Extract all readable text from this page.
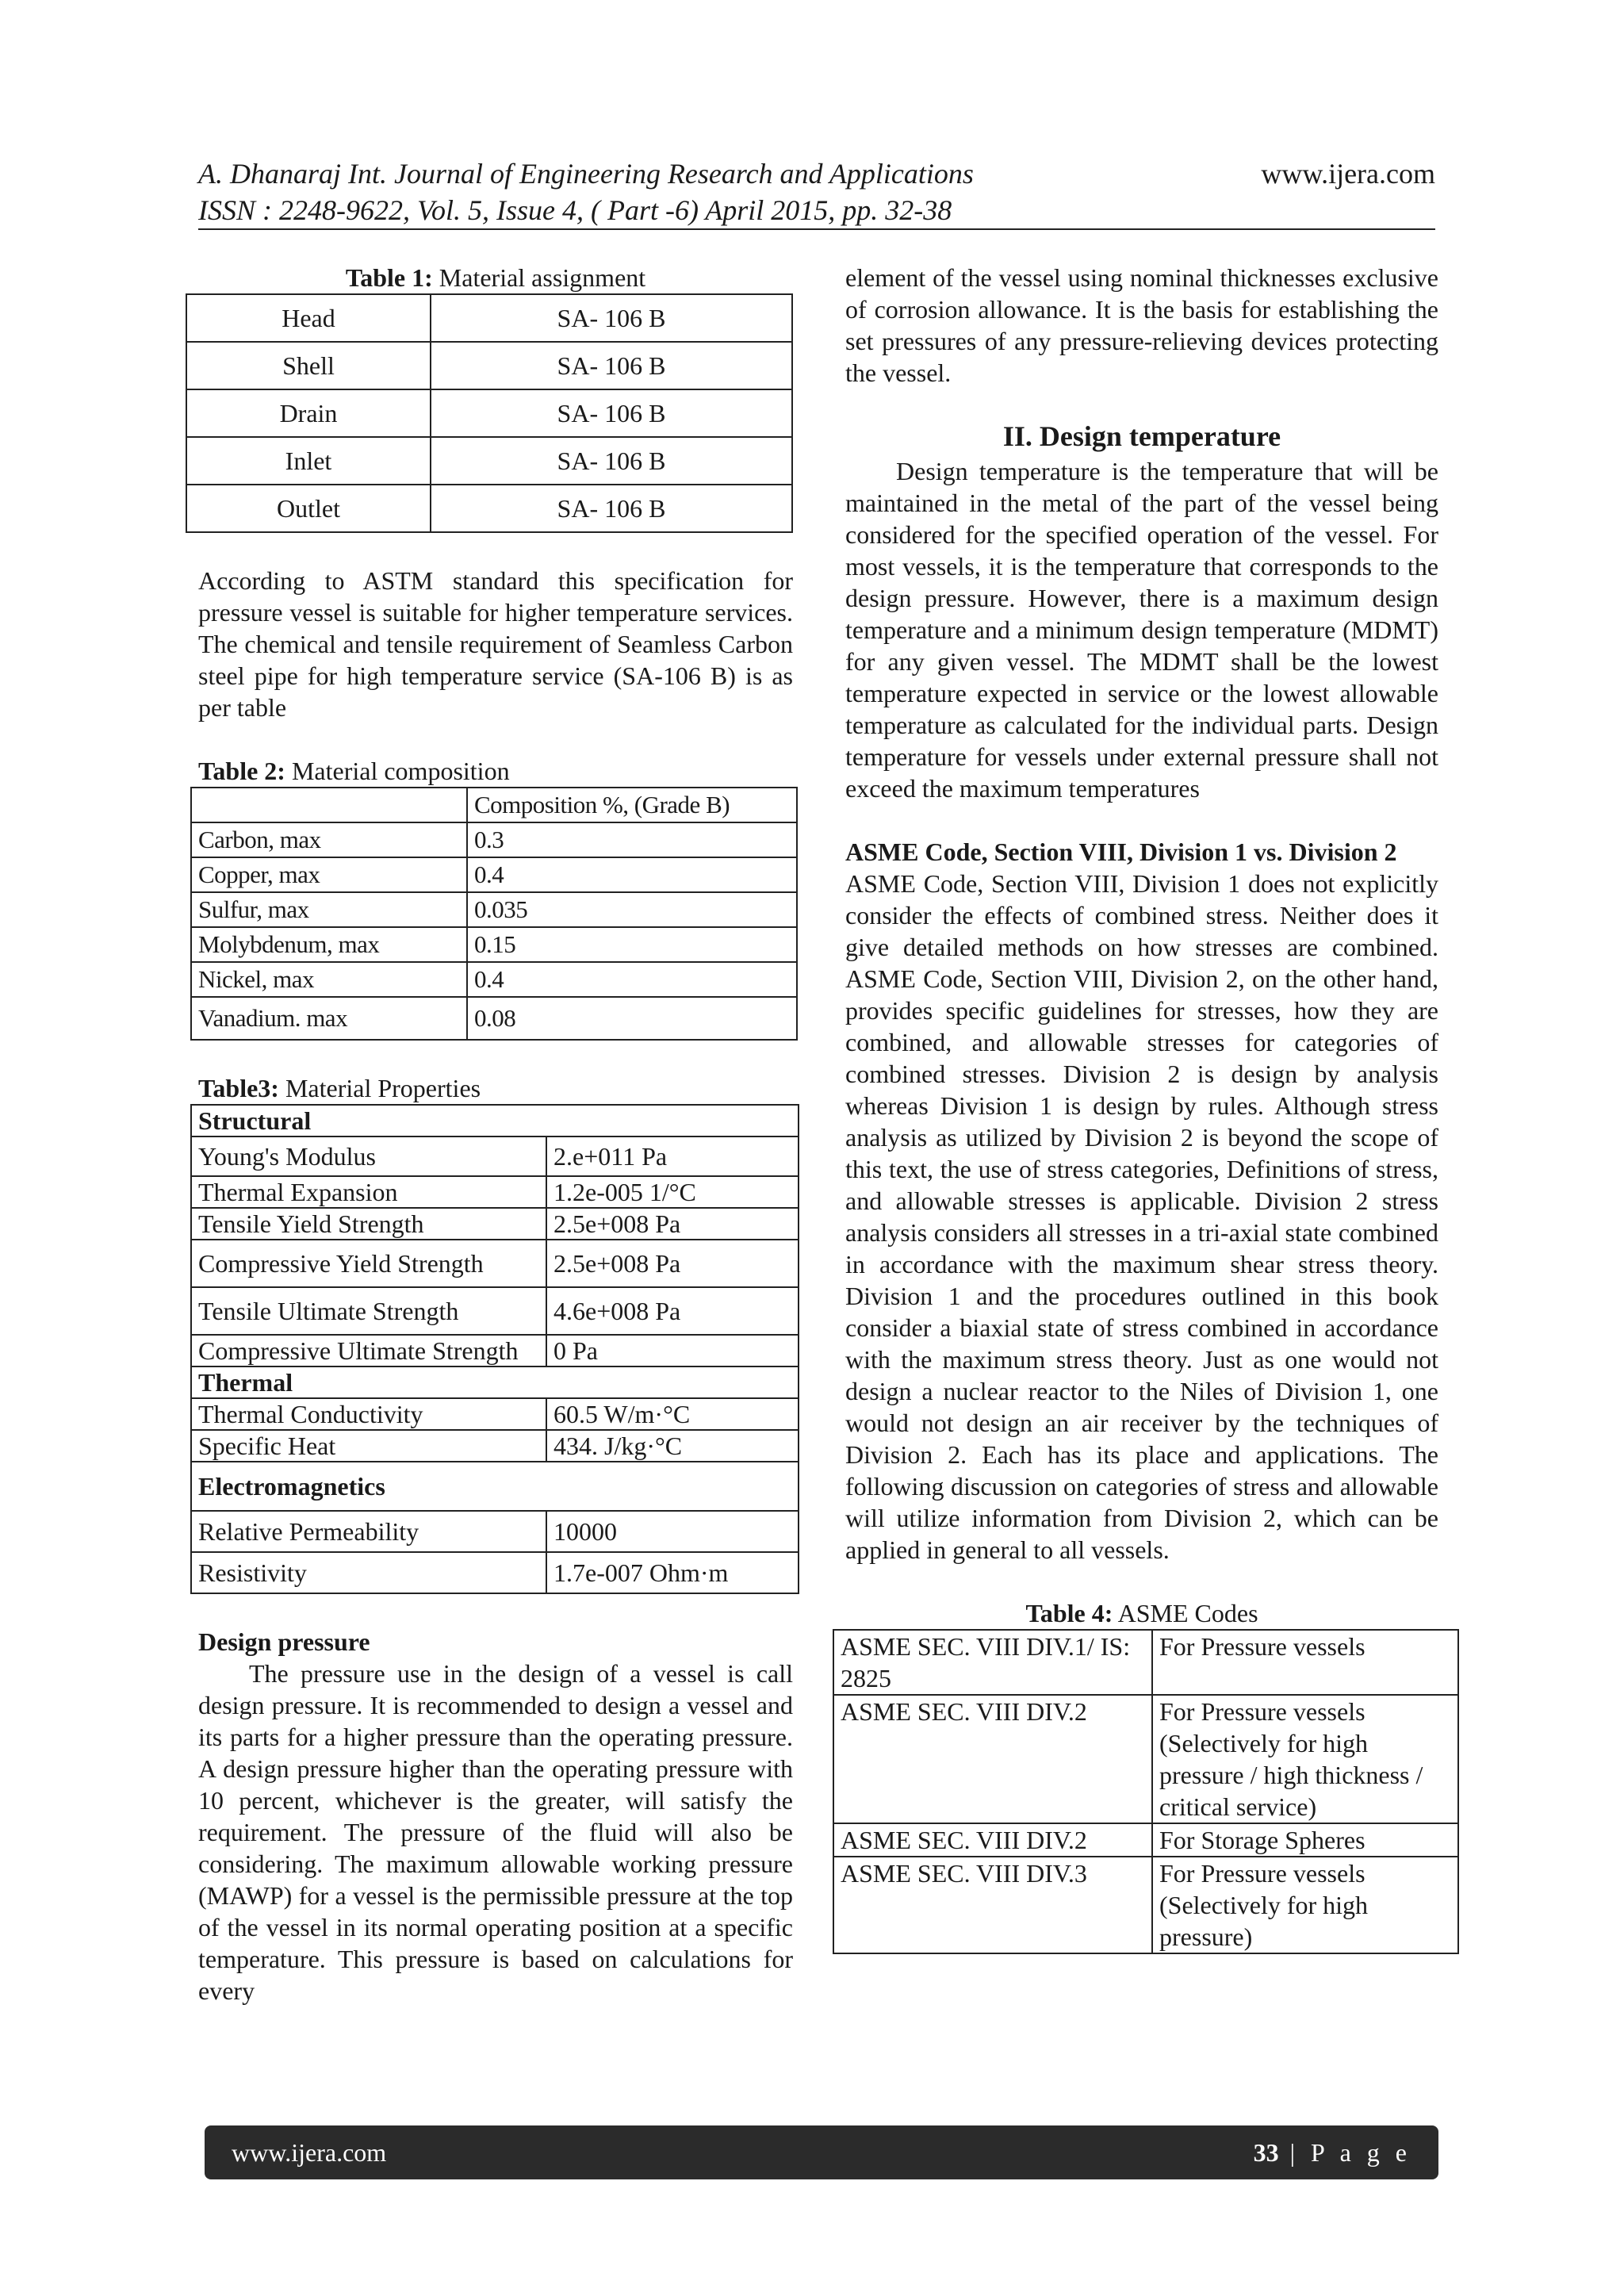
A. Dhanaraj Int. Journal of Engineering Research and Applications	www.ijera.com
ISSN : 2248-9622, Vol. 5, Issue 4, ( Part -6) April 2015, pp. 32-38
Table 1: Material assignment
Head	SA- 106 B
Shell	SA- 106 B
Drain	SA- 106 B
Inlet	SA- 106 B
Outlet	SA- 106 B

According to ASTM standard this specification for pressure vessel is suitable for higher temperature services. The chemical and tensile requirement of Seamless Carbon steel pipe for high temperature service (SA-106 B) is as per table

Table 2: Material composition
	Composition %, (Grade B)
Carbon, max	0.3
Copper, max	0.4
Sulfur, max	0.035
Molybdenum, max	0.15
Nickel, max	0.4
Vanadium. max	0.08
Table3: Material Properties
Structural	
Young's Modulus	2.e+011 Pa
Thermal Expansion	1.2e-005 1/°C
Tensile Yield Strength	2.5e+008 Pa
Compressive Yield Strength	2.5e+008 Pa
Tensile Ultimate Strength	4.6e+008 Pa
Compressive Ultimate Strength	0 Pa
Thermal	
Thermal Conductivity	60.5 W/m·°C
Specific Heat	434. J/kg·°C
Electromagnetics	
Relative Permeability	10000
Resistivity	1.7e-007 Ohm·m

Design pressure

The pressure use in the design of a vessel is call design pressure. It is recommended to design a vessel and its parts for a higher pressure than the operating pressure. A design pressure higher than the operating pressure with 10 percent, whichever is the greater, will satisfy the requirement. The pressure of the fluid will also be considering. The maximum allowable working pressure (MAWP) for a vessel is the permissible pressure at the top of the vessel in its normal operating position at a specific temperature. This pressure is based on calculations for every

element of the vessel using nominal thicknesses exclusive of corrosion allowance. It is the basis for establishing the set pressures of any pressure-relieving devices protecting the vessel.

II. Design temperature

Design temperature is the temperature that will be maintained in the metal of the part of the vessel being considered for the specified operation of the vessel. For most vessels, it is the temperature that corresponds to the design pressure. However, there is a maximum design temperature and a minimum design temperature (MDMT) for any given vessel. The MDMT shall be the lowest temperature expected in service or the lowest allowable temperature as calculated for the individual parts. Design temperature for vessels under external pressure shall not exceed the maximum temperatures

ASME Code, Section VIII, Division 1 vs. Division 2

ASME Code, Section VIII, Division 1 does not explicitly consider the effects of combined stress. Neither does it give detailed methods on how stresses are combined. ASME Code, Section VIII, Division 2, on the other hand, provides specific guidelines for stresses, how they are combined, and allowable stresses for categories of combined stresses. Division 2 is design by analysis whereas Division 1 is design by rules. Although stress analysis as utilized by Division 2 is beyond the scope of this text, the use of stress categories, Definitions of stress, and allowable stresses is applicable. Division 2 stress analysis considers all stresses in a tri-axial state combined in accordance with the maximum shear stress theory. Division 1 and the procedures outlined in this book consider a biaxial state of stress combined in accordance with the maximum stress theory. Just as one would not design a nuclear reactor to the Niles of Division 1, one would not design an air receiver by the techniques of Division 2. Each has its place and applications. The following discussion on categories of stress and allowable will utilize information from Division 2, which can be applied in general to all vessels.

Table 4: ASME Codes
ASME SEC. VIII DIV.1/ IS: 2825	For Pressure vessels
ASME SEC. VIII DIV.2	For Pressure vessels (Selectively for high pressure / high thickness / critical service)
ASME SEC. VIII DIV.2	For Storage Spheres
ASME SEC. VIII DIV.3	For Pressure vessels (Selectively for high pressure)
www.ijera.com	33 | P a g e
